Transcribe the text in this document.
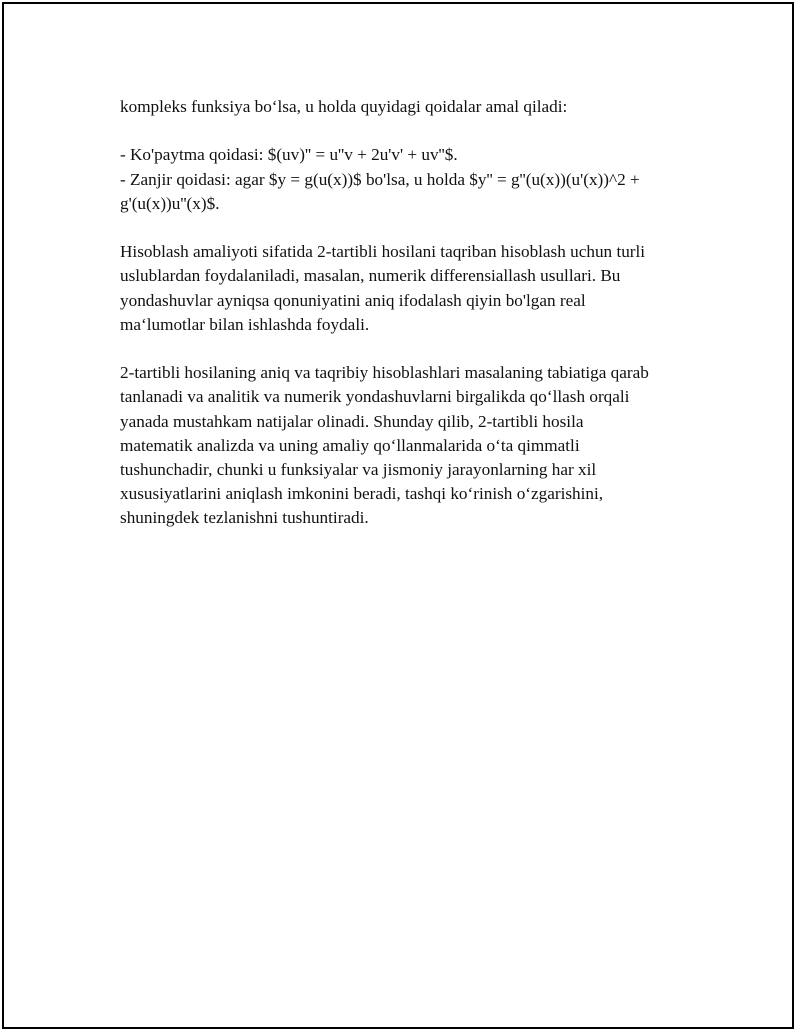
kompleks funksiya bo‘lsa, u holda quyidagi qoidalar amal qiladi:

- Ko'paytma qoidasi: $(uv)'' = u''v + 2u'v' + uv''$.
- Zanjir qoidasi: agar $y = g(u(x))$ bo'lsa, u holda $y'' = g''(u(x))(u'(x))^2 +
g'(u(x))u''(x)$.

Hisoblash amaliyoti sifatida 2-tartibli hosilani taqriban hisoblash uchun turli
uslublardan foydalaniladi, masalan, numerik differensiallash usullari. Bu
yondashuvlar ayniqsa qonuniyatini aniq ifodalash qiyin bo'lgan real
ma‘lumotlar bilan ishlashda foydali.

2-tartibli hosilaning aniq va taqribiy hisoblashlari masalaning tabiatiga qarab
tanlanadi va analitik va numerik yondashuvlarni birgalikda qo‘llash orqali
yanada mustahkam natijalar olinadi. Shunday qilib, 2-tartibli hosila
matematik analizda va uning amaliy qo‘llanmalarida o‘ta qimmatli
tushunchadir, chunki u funksiyalar va jismoniy jarayonlarning har xil
xususiyatlarini aniqlash imkonini beradi, tashqi ko‘rinish o‘zgarishini,
shuningdek tezlanishni tushuntiradi.
